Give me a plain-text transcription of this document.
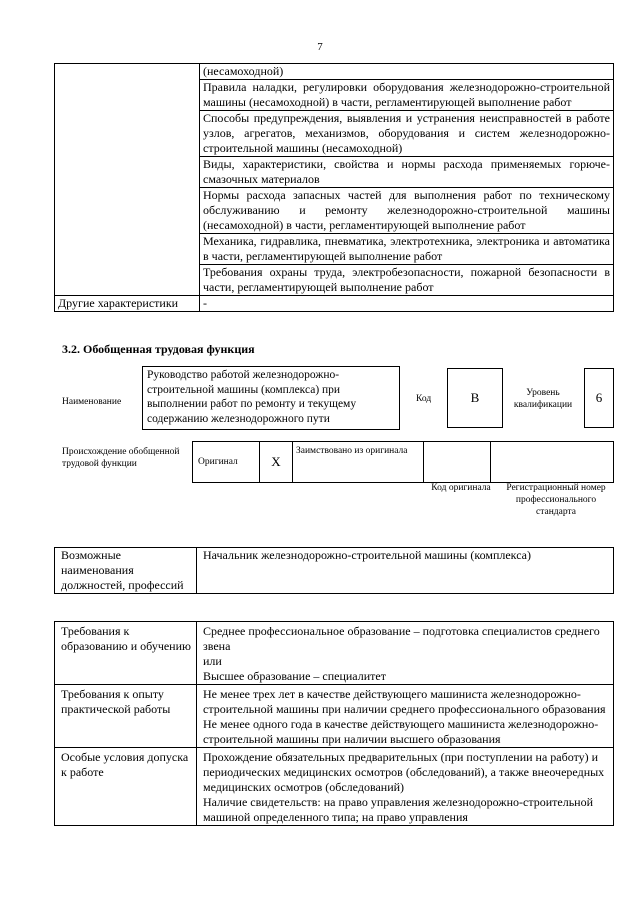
7
	(несамоходной)
	Правила наладки, регулировки оборудования железнодорожно-строительной машины (несамоходной) в части, регламентирующей выполнение работ
	Способы предупреждения, выявления и устранения неисправностей в работе узлов, агрегатов, механизмов, оборудования и систем железнодорожно-строительной машины (несамоходной)
	Виды, характеристики, свойства и нормы расхода применяемых горюче-смазочных материалов
	Нормы расхода запасных частей для выполнения работ по техническому обслуживанию и ремонту железнодорожно-строительной машины (несамоходной) в части, регламентирующей выполнение работ
	Механика, гидравлика, пневматика, электротехника, электроника и автоматика в части, регламентирующей выполнение работ
	Требования охраны труда, электробезопасности, пожарной безопасности в части, регламентирующей выполнение работ
Другие характеристики	-
3.2. Обобщенная трудовая функция
Наименование
Руководство работой железнодорожно-строительной машины (комплекса) при выполнении работ по ремонту и текущему содержанию железнодорожного пути
Код	B	Уровень квалификации	6
Происхождение обобщенной трудовой функции	Оригинал	X	Заимствовано из оригинала		
Код оригинала Регистрационный номер профессионального стандарта
Возможные наименования должностей, профессий	Начальник железнодорожно-строительной машины (комплекса)
Требования к образованию и обучению	Среднее профессиональное образование – подготовка специалистов среднего звена
или
Высшее образование – специалитет

Требования к опыту практической работы	Не менее трех лет в качестве действующего машиниста железнодорожно-строительной машины при наличии среднего профессионального образования
Не менее одного года в качестве действующего машиниста железнодорожно-строительной машины при наличии высшего образования

Особые условия допуска к работе	Прохождение обязательных предварительных (при поступлении на работу) и периодических медицинских осмотров (обследований), а также внеочередных медицинских осмотров (обследований)
Наличие свидетельств: на право управления железнодорожно-строительной машиной определенного типа; на право управления
